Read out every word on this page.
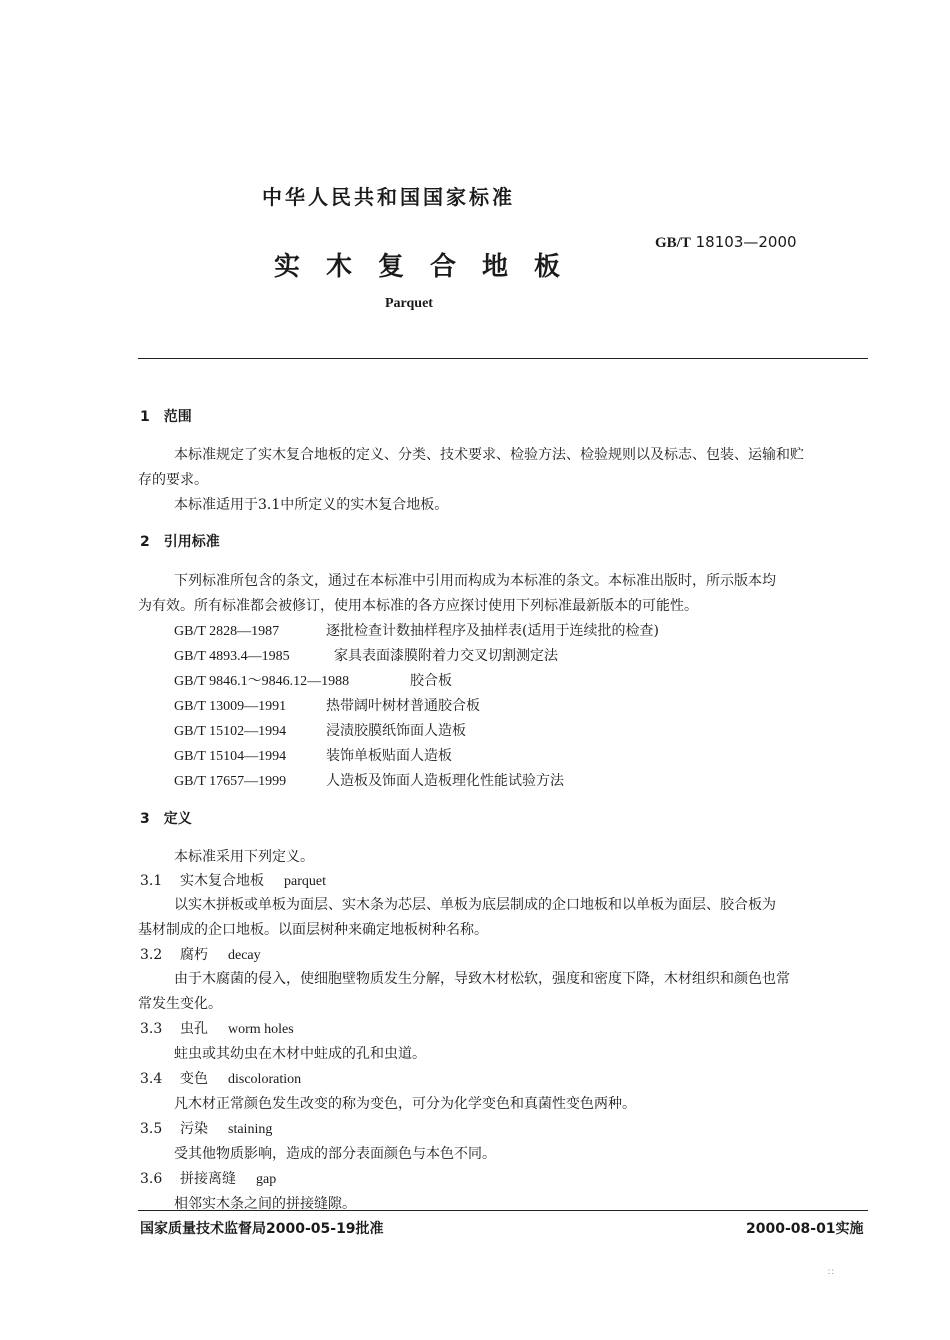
中华人民共和国国家标准
GB/T 18103—2000
实木复合地板
Parquet
1　范围
本标准规定了实木复合地板的定义、分类、技术要求、检验方法、检验规则以及标志、包装、运输和贮
存的要求。
本标准适用于3.1中所定义的实木复合地板。
2　引用标准
下列标准所包含的条文，通过在本标准中引用而构成为本标准的条文。本标准出版时，所示版本均
为有效。所有标准都会被修订，使用本标准的各方应探讨使用下列标准最新版本的可能性。
GB/T 2828—1987	逐批检查计数抽样程序及抽样表(适用于连续批的检查)
GB/T 4893.4—1985	家具表面漆膜附着力交叉切割测定法
GB/T 9846.1～9846.12—1988	胶合板
GB/T 13009—1991	热带阔叶树材普通胶合板
GB/T 15102—1994	浸渍胶膜纸饰面人造板
GB/T 15104—1994	装饰单板贴面人造板
GB/T 17657—1999	人造板及饰面人造板理化性能试验方法
3　定义
本标准采用下列定义。
3.1 实木复合地板 parquet
以实木拼板或单板为面层、实木条为芯层、单板为底层制成的企口地板和以单板为面层、胶合板为
基材制成的企口地板。以面层树种来确定地板树种名称。
3.2 腐朽 decay
由于木腐菌的侵入，使细胞壁物质发生分解，导致木材松软，强度和密度下降，木材组织和颜色也常
常发生变化。
3.3 虫孔 worm holes
蛀虫或其幼虫在木材中蛀成的孔和虫道。
3.4 变色 discoloration
凡木材正常颜色发生改变的称为变色，可分为化学变色和真菌性变色两种。
3.5 污染 staining
受其他物质影响，造成的部分表面颜色与本色不同。
3.6 拼接离缝 gap
相邻实木条之间的拼接缝隙。
国家质量技术监督局2000-05-19批准	2000-08-01实施
∷
